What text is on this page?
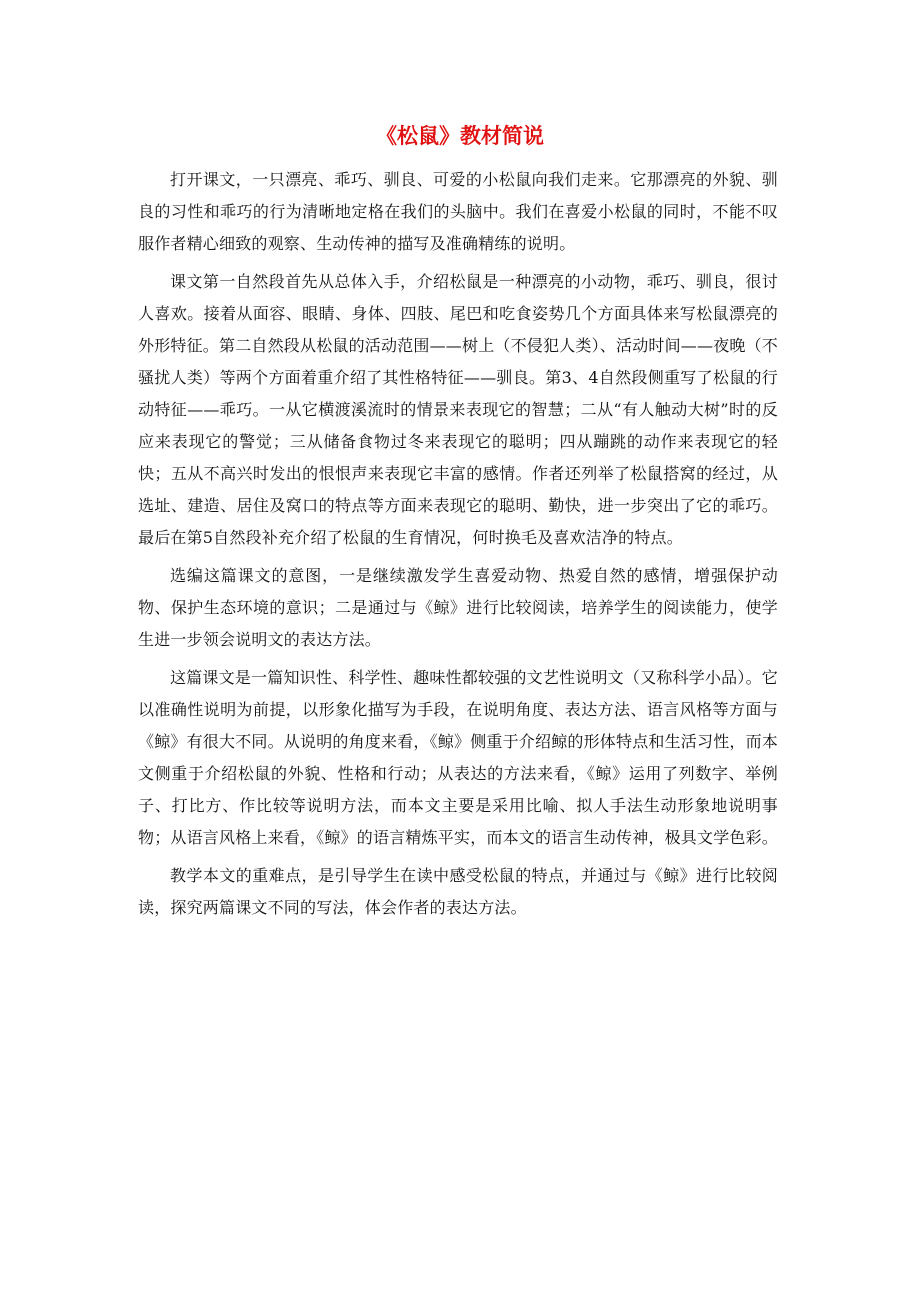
《松鼠》教材简说

打开课文，一只漂亮、乖巧、驯良、可爱的小松鼠向我们走来。它那漂亮的外貌、驯良的习性和乖巧的行为清晰地定格在我们的头脑中。我们在喜爱小松鼠的同时，不能不叹服作者精心细致的观察、生动传神的描写及准确精练的说明。

课文第一自然段首先从总体入手，介绍松鼠是一种漂亮的小动物，乖巧、驯良，很讨人喜欢。接着从面容、眼睛、身体、四肢、尾巴和吃食姿势几个方面具体来写松鼠漂亮的外形特征。第二自然段从松鼠的活动范围——树上（不侵犯人类）、活动时间——夜晚（不骚扰人类）等两个方面着重介绍了其性格特征——驯良。第3、4自然段侧重写了松鼠的行动特征——乖巧。一从它横渡溪流时的情景来表现它的智慧；二从“有人触动大树”时的反应来表现它的警觉；三从储备食物过冬来表现它的聪明；四从蹦跳的动作来表现它的轻快；五从不高兴时发出的恨恨声来表现它丰富的感情。作者还列举了松鼠搭窝的经过，从选址、建造、居住及窝口的特点等方面来表现它的聪明、勤快，进一步突出了它的乖巧。最后在第5自然段补充介绍了松鼠的生育情况，何时换毛及喜欢洁净的特点。

选编这篇课文的意图，一是继续激发学生喜爱动物、热爱自然的感情，增强保护动物、保护生态环境的意识；二是通过与《鲸》进行比较阅读，培养学生的阅读能力，使学生进一步领会说明文的表达方法。

这篇课文是一篇知识性、科学性、趣味性都较强的文艺性说明文（又称科学小品）。它以准确性说明为前提，以形象化描写为手段，在说明角度、表达方法、语言风格等方面与《鲸》有很大不同。从说明的角度来看，《鲸》侧重于介绍鲸的形体特点和生活习性，而本文侧重于介绍松鼠的外貌、性格和行动；从表达的方法来看，《鲸》运用了列数字、举例子、打比方、作比较等说明方法，而本文主要是采用比喻、拟人手法生动形象地说明事物；从语言风格上来看，《鲸》的语言精炼平实，而本文的语言生动传神，极具文学色彩。

教学本文的重难点，是引导学生在读中感受松鼠的特点，并通过与《鲸》进行比较阅读，探究两篇课文不同的写法，体会作者的表达方法。
